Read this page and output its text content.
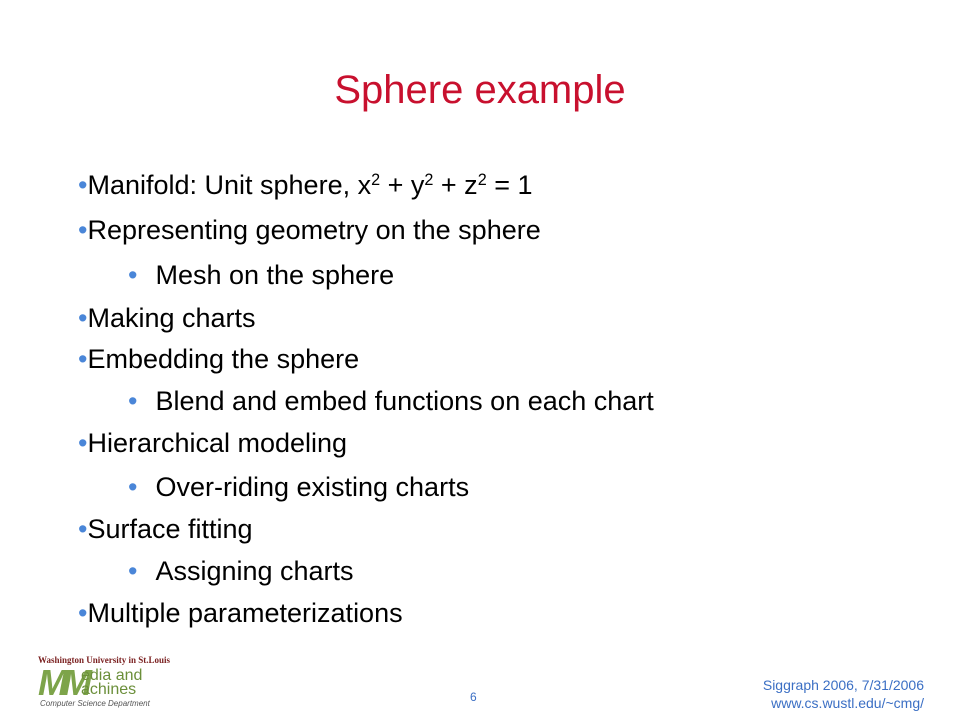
Sphere example
•Manifold: Unit sphere, $x^2 + y^2 + z^2 = 1$
•Representing geometry on the sphere
• Mesh on the sphere
•Making charts
•Embedding the sphere
• Blend and embed functions on each chart
•Hierarchical modeling
• Over-riding existing charts
•Surface fitting
• Assigning charts
•Multiple parameterizations
Washington University in St.Louis
MM
edia and
achines
Computer Science Department	6
Siggraph 2006, 7/31/2006
www.cs.wustl.edu/~cmg/
